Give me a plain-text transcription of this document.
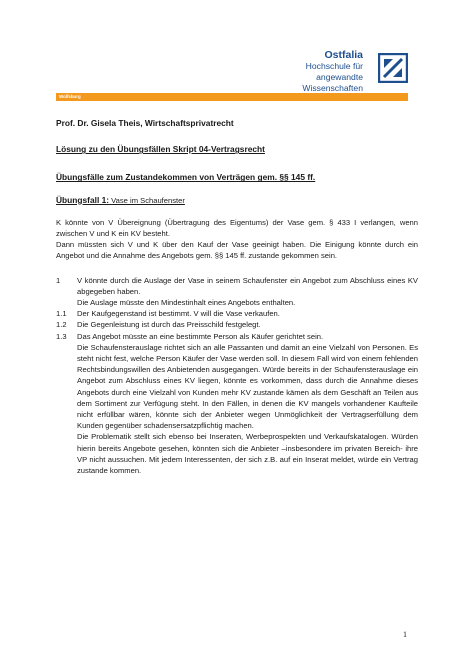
Ostfalia
Hochschule für angewandte
Wissenschaften
Wolfsburg

Prof. Dr. Gisela Theis, Wirtschaftsprivatrecht

Lösung zu den Übungsfällen Skript 04-Vertragsrecht

Übungsfälle zum Zustandekommen von Verträgen gem. §§ 145 ff.

Übungsfall 1: Vase im Schaufenster

K könnte von V Übereignung (Übertragung des Eigentums) der Vase gem. § 433 I verlangen, wenn zwischen V und K ein KV besteht.

Dann müssten sich V und K über den Kauf der Vase geeinigt haben. Die Einigung könnte durch ein Angebot und die Annahme des Angebots gem. §§ 145 ff. zustande gekommen sein.

1	V könnte durch die Auslage der Vase in seinem Schaufenster ein Angebot zum Abschluss eines KV abgegeben haben.

Die Auslage müsste den Mindestinhalt eines Angebots enthalten.

1.1	Der Kaufgegenstand ist bestimmt. V will die Vase verkaufen.
1.2	Die Gegenleistung ist durch das Preisschild festgelegt.
1.3	Das Angebot müsste an eine bestimmte Person als Käufer gerichtet sein.

Die Schaufensterauslage richtet sich an alle Passanten und damit an eine Vielzahl von Personen. Es steht nicht fest, welche Person Käufer der Vase werden soll. In diesem Fall wird von einem fehlenden Rechtsbindungswillen des Anbietenden ausgegangen. Würde bereits in der Schaufensterauslage ein Angebot zum Abschluss eines KV liegen, könnte es vorkommen, dass durch die Annahme dieses Angebots durch eine Vielzahl von Kunden mehr KV zustande kämen als dem Geschäft an Teilen aus dem Sortiment zur Verfügung steht. In den Fällen, in denen die KV mangels vorhandener Kaufteile nicht erfüllbar wären, könnte sich der Anbieter wegen Unmöglichkeit der Vertragserfüllung dem Kunden gegenüber schadensersatzpflichtig machen.

Die Problematik stellt sich ebenso bei Inseraten, Werbeprospekten und Verkaufskatalogen. Würden hierin bereits Angebote gesehen, könnten sich die Anbieter –insbesondere im privaten Bereich- ihre VP nicht aussuchen. Mit jedem Interessenten, der sich z.B. auf ein Inserat meldet, würde ein Vertrag zustande kommen.

1
